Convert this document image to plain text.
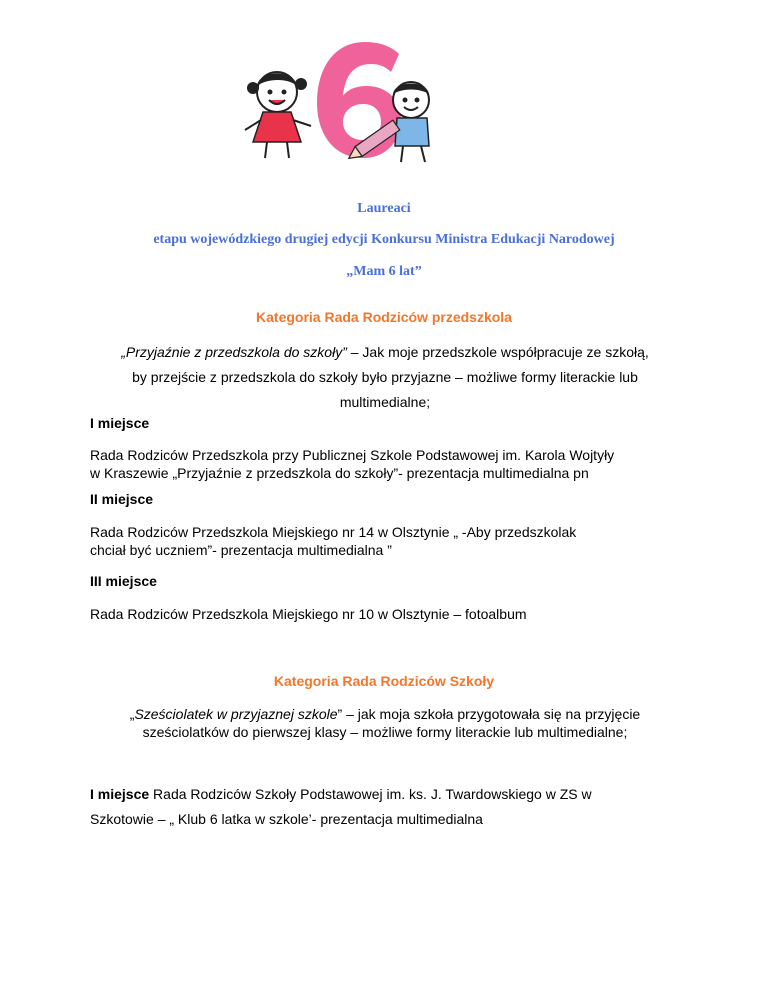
Laureaci
etapu wojewódzkiego drugiej edycji Konkursu Ministra Edukacji Narodowej
„Mam 6 lat”
Kategoria Rada Rodziców przedszkola
„Przyjaźnie z przedszkola do szkoły” – Jak moje przedszkole współpracuje ze szkołą,
by przejście z przedszkola do szkoły było przyjazne – możliwe formy literackie lub
multimedialne;
I miejsce
Rada Rodziców Przedszkola przy Publicznej Szkole Podstawowej im. Karola Wojtyły
w Kraszewie „Przyjaźnie z przedszkola do szkoły”- prezentacja multimedialna pn
II miejsce
Rada Rodziców Przedszkola Miejskiego nr 14 w Olsztynie „ -Aby przedszkolak
chciał być uczniem”- prezentacja multimedialna ”
III miejsce
Rada Rodziców Przedszkola Miejskiego nr 10 w Olsztynie – fotoalbum
Kategoria Rada Rodziców Szkoły
„Sześciolatek w przyjaznej szkole” – jak moja szkoła przygotowała się na przyjęcie
sześciolatków do pierwszej klasy – możliwe formy literackie lub multimedialne;
I miejsce Rada Rodziców Szkoły Podstawowej im. ks. J. Twardowskiego w ZS w
Szkotowie – „ Klub 6 latka w szkole’- prezentacja multimedialna
